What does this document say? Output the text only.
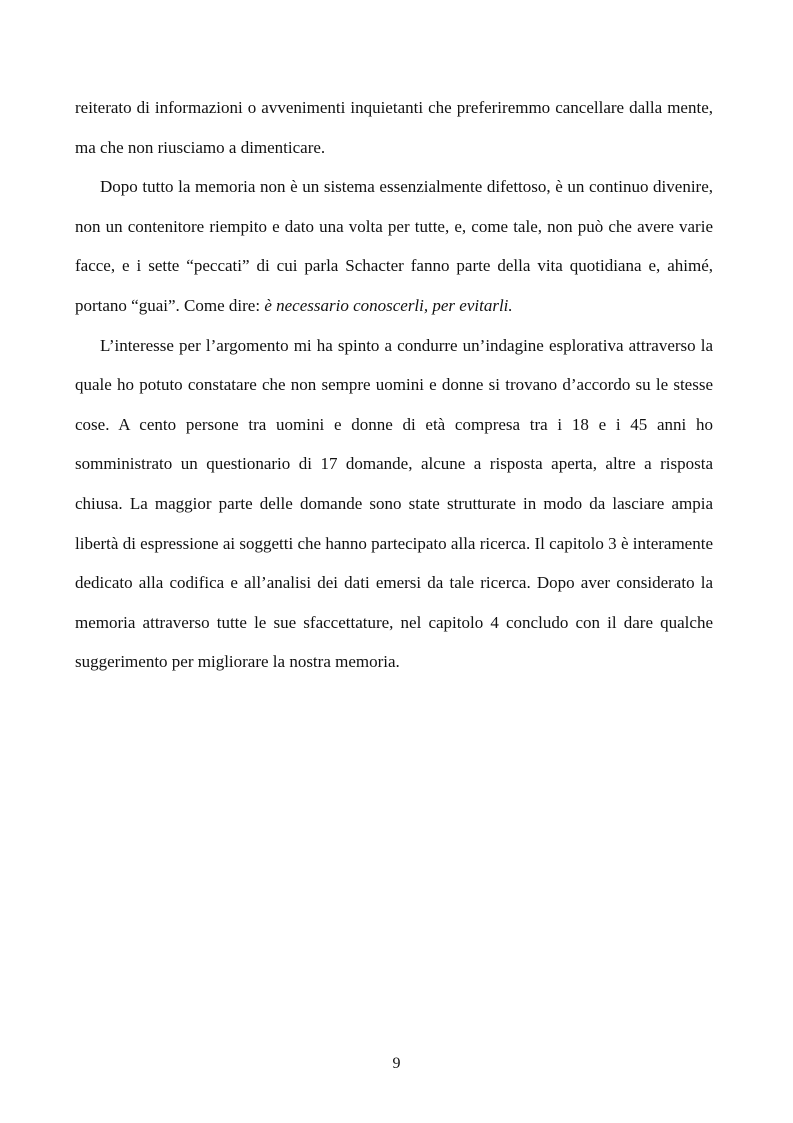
reiterato di informazioni o avvenimenti inquietanti che preferiremmo cancellare dalla mente, ma che non riusciamo a dimenticare.

Dopo tutto la memoria non è un sistema essenzialmente difettoso, è un continuo divenire, non un contenitore riempito e dato una volta per tutte, e, come tale, non può che avere varie facce, e i sette “peccati” di cui parla Schacter fanno parte della vita quotidiana e, ahimé, portano “guai”. Come dire: è necessario conoscerli, per evitarli.

L’interesse per l’argomento mi ha spinto a condurre un’indagine esplorativa attraverso la quale ho potuto constatare che non sempre uomini e donne si trovano d’accordo su le stesse cose. A cento persone tra uomini e donne di età compresa tra i 18 e i 45 anni ho somministrato un questionario di 17 domande, alcune a risposta aperta, altre a risposta chiusa. La maggior parte delle domande sono state strutturate in modo da lasciare ampia libertà di espressione ai soggetti che hanno partecipato alla ricerca. Il capitolo 3 è interamente dedicato alla codifica e all’analisi dei dati emersi da tale ricerca. Dopo aver considerato la memoria attraverso tutte le sue sfaccettature, nel capitolo 4 concludo con il dare qualche suggerimento per migliorare la nostra memoria.

9
